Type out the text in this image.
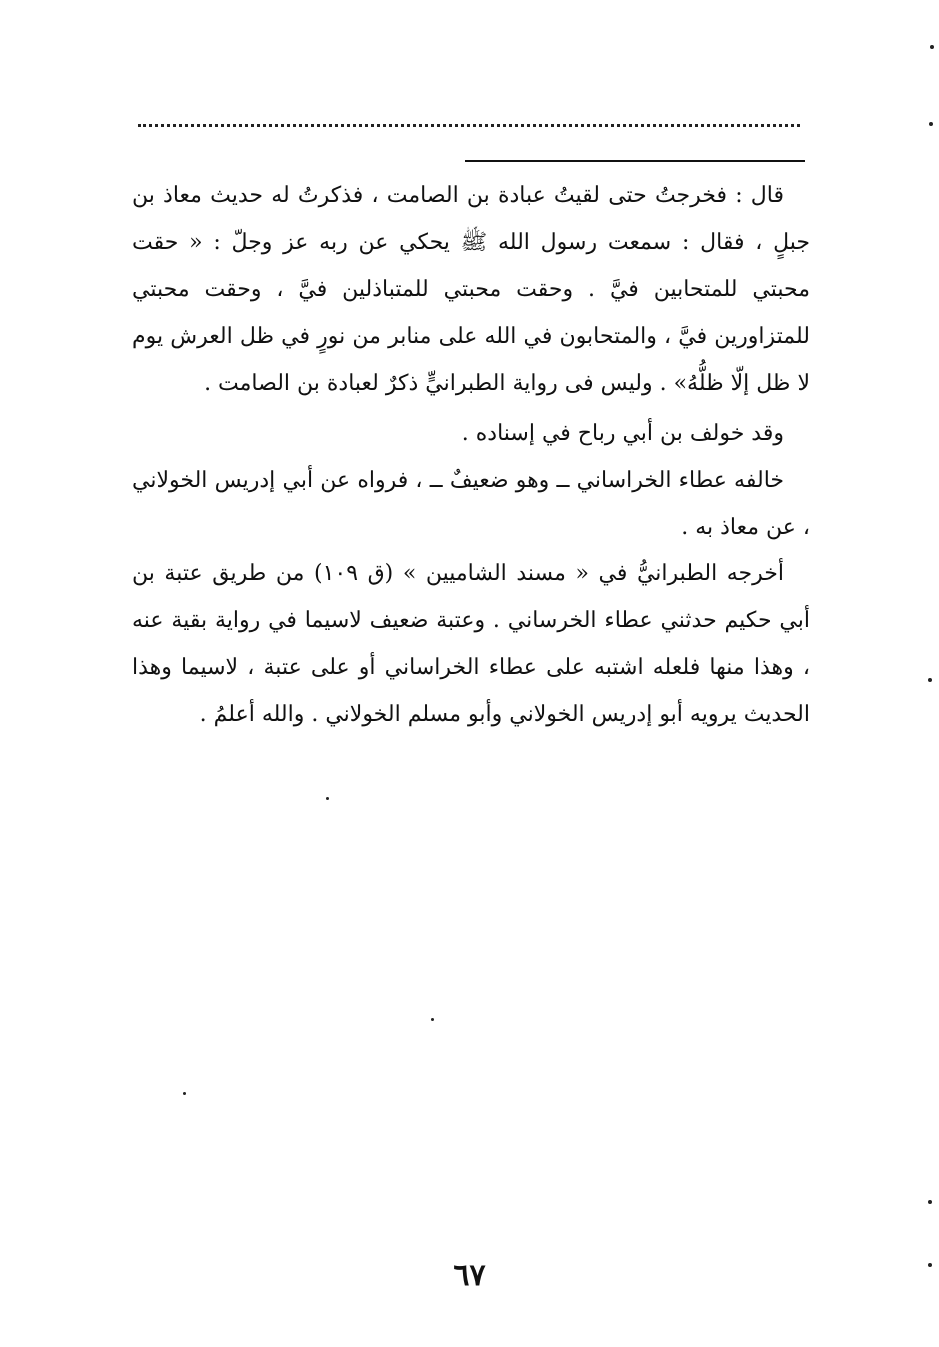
قال : فخرجتُ حتى لقيتُ عبادة بن الصامت ، فذكرتُ له حديث معاذ بن جبلٍ ، فقال : سمعت رسول الله ﷺ يحكي عن ربه عز وجلّ : « حقت محبتي للمتحابين فيَّ . وحقت محبتي للمتباذلين فيَّ ، وحقت محبتي للمتزاورين فيَّ ، والمتحابون في الله على منابر من نورٍ في ظل العرش يوم لا ظل إلّا ظلُّهُ» . وليس فى رواية الطبرانيٍّ ذكرٌ لعبادة بن الصامت .

وقد خولف بن أبي رباح في إسناده .

خالفه عطاء الخراساني ــ وهو ضعيفٌ ــ ، فرواه عن أبي إدريس الخولاني ، عن معاذ به .

أخرجه الطبرانيُّ في « مسند الشاميين » (ق ١٠٩) من طريق عتبة بن أبي حكيم حدثني عطاء الخرساني . وعتبة ضعيف لاسيما في رواية بقية عنه ، وهذا منها فلعله اشتبه على عطاء الخراساني أو على عتبة ، لاسيما وهذا الحديث يرويه أبو إدريس الخولاني وأبو مسلم الخولاني . والله أعلمُ .

٦٧
